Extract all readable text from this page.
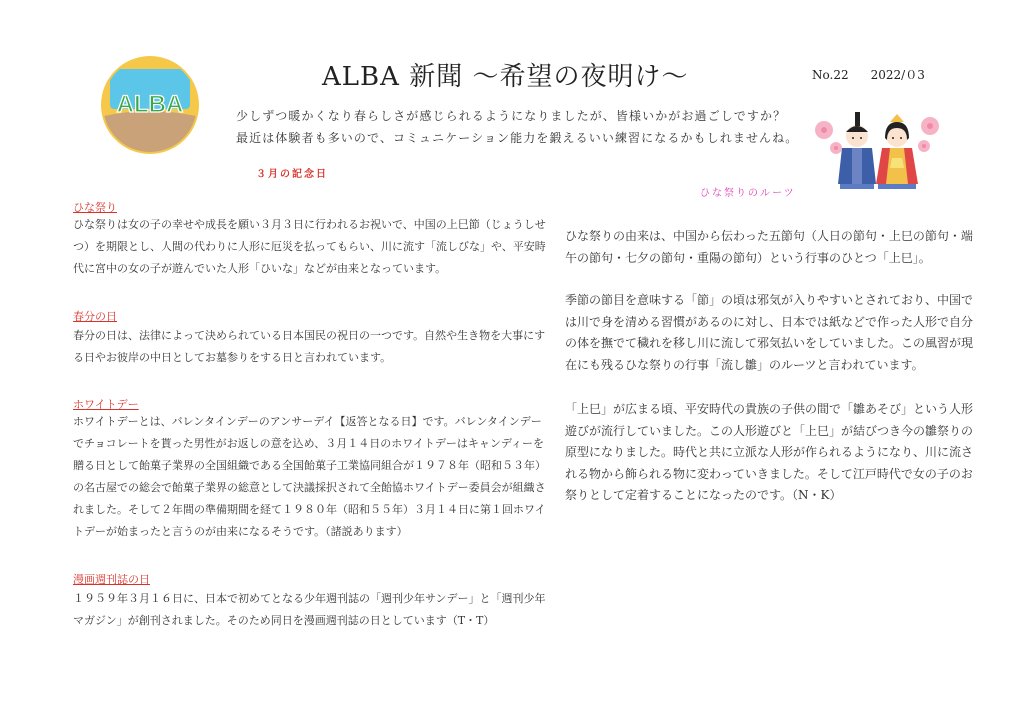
ALBA
ALBA 新聞 ～希望の夜明け～	No.22 2022/０3
少しずつ暖かくなり春らしさが感じられるようになりましたが、皆様いかがお過ごしですか？
最近は体験者も多いので、コミュニケーション能力を鍛えるいい練習になるかもしれませんね。
３月の記念日
ひな祭りのルーツ
ひな祭り
ひな祭りは女の子の幸せや成長を願い３月３日に行われるお祝いで、中国の上巳節（じょうしせつ）を期限とし、人間の代わりに人形に厄災を払ってもらい、川に流す「流しびな」や、平安時代に宮中の女の子が遊んでいた人形「ひいな」などが由来となっています。
春分の日
春分の日は、法律によって決められている日本国民の祝日の一つです。自然や生き物を大事にする日やお彼岸の中日としてお墓参りをする日と言われています。
ホワイトデー
ホワイトデーとは、バレンタインデーのアンサーデイ【返答となる日】です。バレンタインデーでチョコレートを貰った男性がお返しの意を込め、３月１４日のホワイトデーはキャンディーを贈る日として飴菓子業界の全国組織である全国飴菓子工業協同組合が１９７８年（昭和５３年）の名古屋での総会で飴菓子業界の総意として決議採択されて全飴協ホワイトデー委員会が組織されました。そして２年間の準備期間を経て１９８０年（昭和５５年）３月１４日に第１回ホワイトデーが始まったと言うのが由来になるそうです。（諸説あります）
漫画週刊誌の日
１９５９年３月１６日に、日本で初めてとなる少年週刊誌の「週刊少年サンデー」と「週刊少年マガジン」が創刊されました。そのため同日を漫画週刊誌の日としています（T・T）
ひな祭りの由来は、中国から伝わった五節句（人日の節句・上巳の節句・端午の節句・七夕の節句・重陽の節句）という行事のひとつ「上巳」。
季節の節目を意味する「節」の頃は邪気が入りやすいとされており、中国では川で身を清める習慣があるのに対し、日本では紙などで作った人形で自分の体を撫でて穢れを移し川に流して邪気払いをしていました。この風習が現在にも残るひな祭りの行事「流し雛」のルーツと言われています。
「上巳」が広まる頃、平安時代の貴族の子供の間で「雛あそび」という人形遊びが流行していました。この人形遊びと「上巳」が結びつき今の雛祭りの原型になりました。時代と共に立派な人形が作られるようになり、川に流される物から飾られる物に変わっていきました。そして江戸時代で女の子のお祭りとして定着することになったのです。（N・K）
